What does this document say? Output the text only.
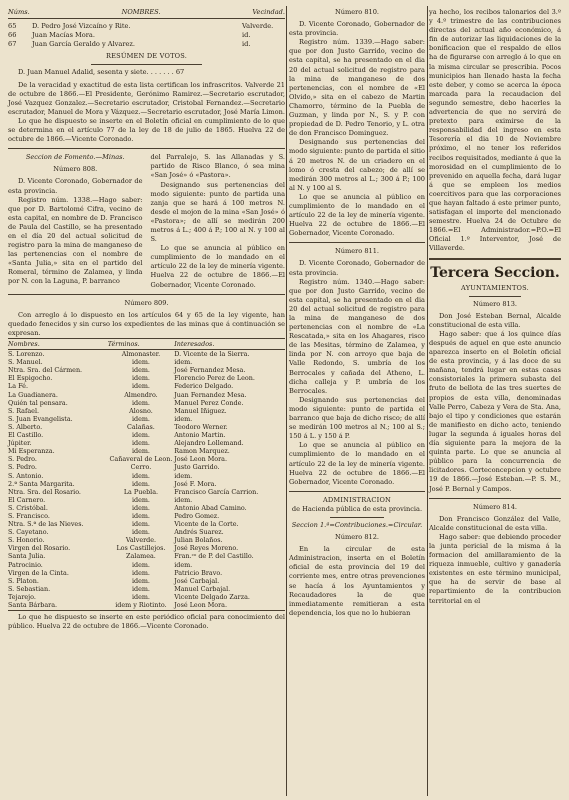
Núms.	NOMBRES.	Vecindad.
65	D. Pedro José Vizcaíno y Rite.	Valverde.
66	Juan Macías Mora.	id.
67	Juan García Geraldo y Alvarez.	id.

RESÚMEN DE VOTOS.

D. Juan Manuel Adalid, sesenta y siete. . . . . . . 67

De la veracidad y exactitud de esta lista certifican los infrascritos. Valverde 21 de octubre de 1866.—El Presidente, Gerónimo Ramirez.—Secretario escrutador, José Vazquez Gonzalez.—Secretario escrutador, Cristobal Fernandez.—Secretario escrutador, Manuel de Mora y Vázquez.—Secretario escrutador, José María Limon.

Lo que he dispuesto se inserte en el Boletín oficial en cumplimiento de lo que se determina en el artículo 77 de la ley de 18 de julio de 1865. Huelva 22 de octubre de 1866.—Vicente Coronado.

Seccion de Fomento.—Minas.

Número 808.

D. Vicente Coronado, Gobernador de esta provincia.

Registro núm. 1338.—Hago saber: que por D. Bartolomé Cifra, vecino de esta capital, en nombre de D. Francisco de Paula del Castillo, se ha presentado en el día 20 del actual solicitud de registro para la mina de manganeso de las pertenencias con el nombre de «Santa Julia,» sita en el partido del Romeral, término de Zalamea, y linda por N. con la Laguna, P. barranco

del Parralejo, S. las Allanadas y S. partido de Risco Blanco, ó sea mina «San José» ó «Pastora».

Designando sus pertenencias del modo siguiente: punto de partida una zanja que se hará á 100 metros N. desde el mojon de la mina «San José» ó «Pastora»; de allí se medirán 200 metros á L.; 400 á P.; 100 al N. y 100 al S.

Lo que se anuncia al público en cumplimiento de lo mandado en el artículo 22 de la ley de minería vigente. Huelva 22 de octubre de 1866.—El Gobernador, Vicente Coronado.

Número 809.

Con arreglo á lo dispuesto en los artículos 64 y 65 de la ley vigente, han quedado fenecidos y sin curso los expedientes de las minas que á continuación se expresan.

Nombres.	Términos.	Interesados.
S. Lorenzo.	Almonaster.	D. Vicente de la Sierra.
S. Manuel.	idem.	idem.
Ntra. Sra. del Cármen.	idem.	José Fernandez Mesa.
El Espigocho.	idem.	Florencio Perez de Leon.
La Fé.	idem.	Federico Delgado.
La Guadianera.	Almendro.	Juan Fernandez Mesa.
Quién tal pensara.	idem.	Manuel Perez Conde.
S. Rafael.	Alosno.	Manuel Iñiguez.
S. Juan Evangelista.	idem.	idem.
S. Alberto.	Calañas.	Teodoro Werner.
El Castillo.	idem.	Antonio Martin.
Júpiter.	idem.	Alejandro Lollemand.
Mi Esperanza.	idem.	Ramon Marquez.
S. Pedro.	Cañaveral de Leon.	José Leon Mora.
S. Pedro.	Cerro.	Justo Garrido.
S. Antonio.	idem.	idem.
2.ª Santa Margarita.	idem.	José F. Mora.
Ntra. Sra. del Rosario.	La Puebla.	Francisco García Carrion.
El Carnero.	idem.	idem.
S. Cristóbal.	idem.	Antonio Abad Camino.
S. Francisco.	idem.	Pedro Gomez.
Ntra. S.ª de las Nieves.	idem.	Vicente de la Corte.
S. Cayetano.	idem.	Andrés Suarez.
S. Honorio.	Valverde.	Julian Bolaños.
Virgen del Rosario.	Los Castillejos.	José Reyes Moreno.
Santa Julia.	Zalamea.	Fran.ᶜᵒ de P. del Castillo.
Patrocinio.	idem.	idem.
Virgen de la Cinta.	idem.	Patricio Bravo.
S. Platon.	idem.	José Carbajal.
S. Sebastian.	idem.	Manuel Carbajal.
Tejarejo.	idem.	Vicente Delgado Zarza.
Santa Bárbara.	idem y Riotinto.	José Leon Mora.

Lo que he dispuesto se inserte en este periódico oficial para conocimiento del público. Huelva 22 de octubre de 1866.—Vicente Coronado.

Número 810.

D. Vicente Coronado, Gobernador de esta provincia.

Registro núm. 1339.—Hago saber: que por don Justo Garrido, vecino de esta capital, se ha presentado en el dia 20 del actual solicitud de registro para la mina de manganeso de dos pertenencias, con el nombre de «El Olvido,» sita en el cabezo de Martin Chamorro, término de la Puebla de Guzman, y linda por N., S. y P. con propiedad de D. Pedro Tenorio, y L. otra de don Francisco Dominguez.

Designando sus pertenencias del modo siguiente: punto de partida el sitio á 20 metros N. de un criadero en el lomo ó cresta del cabezo; de allí se medirán 300 metros al L.; 300 á P.; 100 al N. y 100 al S.

Lo que se anuncia al público en cumplimiento de lo mandado en el artículo 22 de la ley de minería vigente. Huelva 22 de octubre de 1866.—El Gobernador, Vicente Coronado.

Número 811.

D. Vicente Coronado, Gobernador de esta provincia.

Registro núm. 1340.—Hago saber: que por don Justo Garrido, vecino de esta capital, se ha presentado en el dia 20 del actual solicitud de registro para la mina de manganeso de dos pertenencias con el nombre de «La Rescatada,» sita en los Ahagares, risco de las Mesitas, término de Zalamea, y linda por N. con arroyo que baja de Valle Redondo, S. umbría de los Berrocales y cañada del Atheno, L. dicha calleja y P. umbría de los Berrocales.

Designando sus pertenencias del modo siguiente: punto de partida el barranco que baja de dicho risco; de allí se medirán 100 metros al N.; 100 al S.; 150 á L. y 150 á P.

Lo que se anuncia al público en cumplimiento de lo mandado en el artículo 22 de la ley de minería vigente. Huelva 22 de octubre de 1866.—El Gobernador, Vicente Coronado.

ADMINISTRACION

de Hacienda pública de esta provincia.

Seccion 1.ª=Contribuciones.=Circular.

Número 812.

En la circular de esta Administracion, inserta en el Boletín oficial de esta provincia del 19 del corriente mes, entre otras prevenciones se hacía á los Ayuntamientos y Recaudadores la de que inmediatamente remitieran a esta dependencia, los que no lo hubieran

ya hecho, los recibos talonarios del 3.º y 4.º trimestre de las contribuciones directas del actual año económico, á fin de autorizar las liquidaciones de la bonificacion que el respaldo de ellos ha de figurarse con arreglo á lo que en la misma circular se prescribia. Pocos municipios han llenado hasta la fecha este deber, y como se acerca la época marcada para la recaudacion del segundo semestre, debo hacerles la advertencia de que no servirá de pretexto para eximirse de la responsabilidad del ingreso en esta Tesorería el dia 10 de Noviembre próximo, el no tener los referidos recibos requisitados, mediante á que la morosidad en el cumplimiento de lo prevenido en aquella fecha, dará lugar á que se empleen los medios coercitivos para que las corporaciones que hayan faltado á este primer punto, satisfagan el importe del mencionado semestre. Huelva 24 de Octubre de 1866.=El Administrador.=P.O.=El Oficial 1.º Interventor, José de Villaverde.

Tercera Seccion.

AYUNTAMIENTOS.

Número 813.

Don José Esteban Bernal, Alcalde constitucional de esta villa.

Hago saber: que á los quince días después de aquel en que este anuncio aparezca inserto en el Boletín oficial de esta provincia, y á las doce de su mañana, tendrá lugar en estas casas consistoriales la primera subasta del fruto de bellota de las tres suertes de propios de esta villa, denominadas Valle Perro, Cabeza y Vera de Sta. Ana, bajo el tipo y condiciones que estarán de manifiesto en dicho acto, teniendo lugar la segunda á iguales horas del día siguiente para la mejora de la quinta parte. Lo que se anuncia al público para la concurrencia de licitadores. Corteconcepcion y octubre 19 de 1866.—José Esteban.—P. S. M., José P. Bernal y Campos.

Número 814.

Don Francisco González del Valle, Alcalde constitucional de esta villa.

Hago saber: que debiendo proceder la junta pericial de la misma á la formacion del amillaramiento de la riqueza inmueble, cultivo y ganadería existentes en este término municipal, que ha de servir de base al repartimiento de la contribucion territorial en el
